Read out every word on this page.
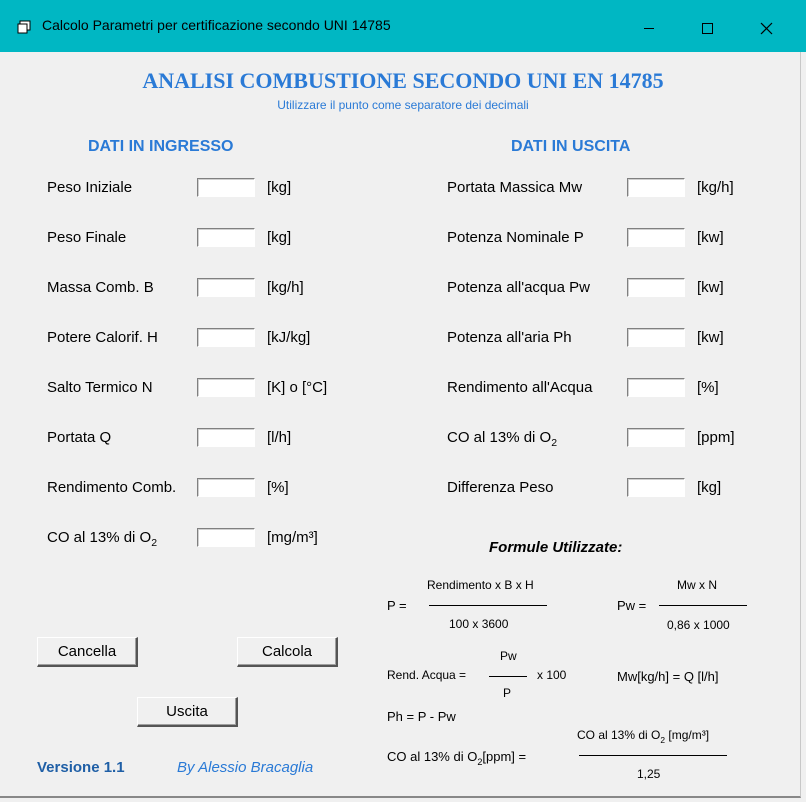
Calcolo Parametri per certificazione secondo UNI 14785
ANALISI COMBUSTIONE SECONDO UNI EN 14785
Utilizzare il punto come separatore dei decimali
DATI IN INGRESSO	DATI IN USCITA
Peso Iniziale	[kg]
Peso Finale	[kg]
Massa Comb. B	[kg/h]
Potere Calorif. H	[kJ/kg]
Salto Termico N	[K] o [°C]
Portata Q	[l/h]
Rendimento Comb.	[%]
CO al 13% di $O_2$	[mg/m³]
Portata Massica Mw	[kg/h]
Potenza Nominale P	[kw]
Potenza all'acqua Pw	[kw]
Potenza all'aria Ph	[kw]
Rendimento all'Acqua	[%]
CO al 13% di $O_2$	[ppm]
Differenza Peso	[kg]
Formule Utilizzate:
P =
Rendimento x B x H
100 x 3600
Pw =
Mw x N
0,86 x 1000
Rend. Acqua =
Pw
P
x 100	Mw[kg/h] = Q [l/h]
Ph = P - Pw
CO al 13% di $O_2[ppm]$ =
CO al 13% di $O_2$ [mg/m³]
1,25
Cancella	Calcola
Uscita
Versione 1.1	By Alessio Bracaglia
